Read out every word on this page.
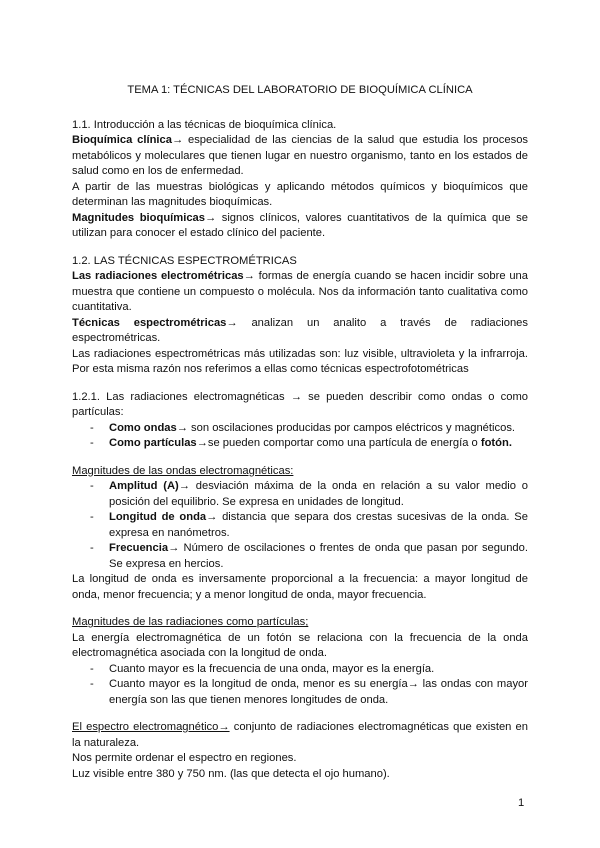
TEMA 1: TÉCNICAS DEL LABORATORIO DE BIOQUÍMICA CLÍNICA

1.1. Introducción a las técnicas de bioquímica clínica.

Bioquímica clínica→ especialidad de las ciencias de la salud que estudia los procesos metabólicos y moleculares que tienen lugar en nuestro organismo, tanto en los estados de salud como en los de enfermedad.

A partir de las muestras biológicas y aplicando métodos químicos y bioquímicos que determinan las magnitudes bioquímicas.

Magnitudes bioquímicas→ signos clínicos, valores cuantitativos de la química que se utilizan para conocer el estado clínico del paciente.

1.2. LAS TÉCNICAS ESPECTROMÉTRICAS

Las radiaciones electrométricas→ formas de energía cuando se hacen incidir sobre una muestra que contiene un compuesto o molécula. Nos da información tanto cualitativa como cuantitativa.

Técnicas espectrométricas→ analizan un analito a través de radiaciones espectrométricas.

Las radiaciones espectrométricas más utilizadas son: luz visible, ultravioleta y la infrarroja. Por esta misma razón nos referimos a ellas como técnicas espectrofotométricas

1.2.1. Las radiaciones electromagnéticas → se pueden describir como ondas o como partículas:

- Como ondas→ son oscilaciones producidas por campos eléctricos y magnéticos.
- Como partículas→se pueden comportar como una partícula de energía o fotón.

Magnitudes de las ondas electromagnéticas:

- Amplitud (A)→ desviación máxima de la onda en relación a su valor medio o posición del equilibrio. Se expresa en unidades de longitud.
- Longitud de onda→ distancia que separa dos crestas sucesivas de la onda. Se expresa en nanómetros.
- Frecuencia→ Número de oscilaciones o frentes de onda que pasan por segundo. Se expresa en hercios.

La longitud de onda es inversamente proporcional a la frecuencia: a mayor longitud de onda, menor frecuencia; y a menor longitud de onda, mayor frecuencia.

Magnitudes de las radiaciones como partículas;

La energía electromagnética de un fotón se relaciona con la frecuencia de la onda electromagnética asociada con la longitud de onda.

- Cuanto mayor es la frecuencia de una onda, mayor es la energía.
- Cuanto mayor es la longitud de onda, menor es su energía→ las ondas con mayor energía son las que tienen menores longitudes de onda.

El espectro electromagnético→ conjunto de radiaciones electromagnéticas que existen en la naturaleza.

Nos permite ordenar el espectro en regiones.

Luz visible entre 380 y 750 nm. (las que detecta el ojo humano).

1
